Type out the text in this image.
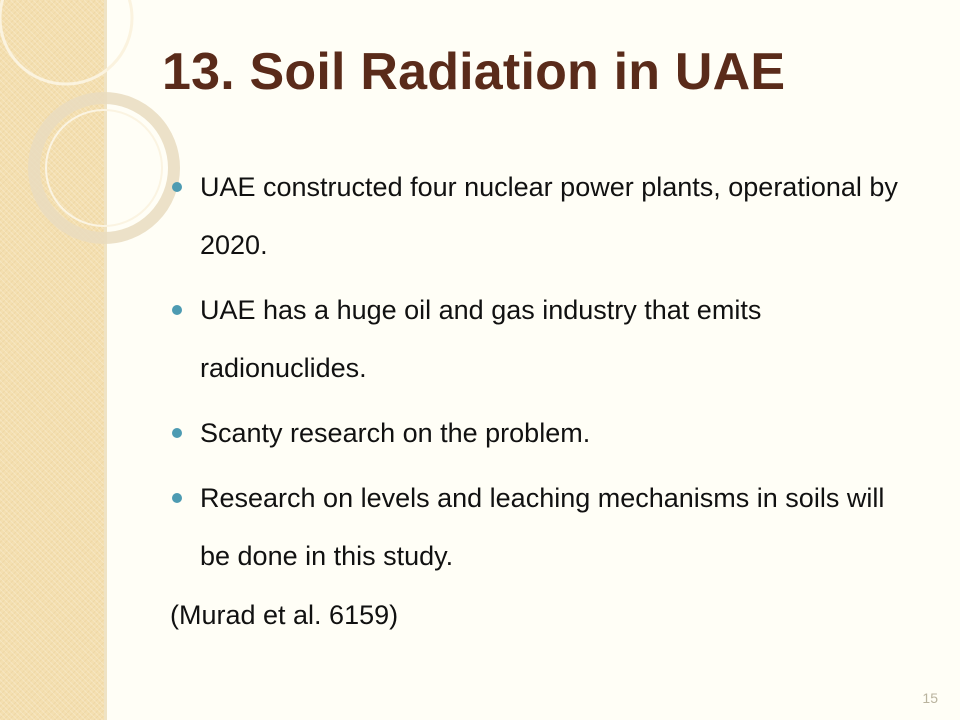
13. Soil Radiation in UAE
UAE constructed four nuclear power plants, operational by 2020.
UAE has a huge oil and gas industry that emits radionuclides.
Scanty research on the problem.
Research on levels and leaching mechanisms in soils will be done in this study.
(Murad et al. 6159)
15
